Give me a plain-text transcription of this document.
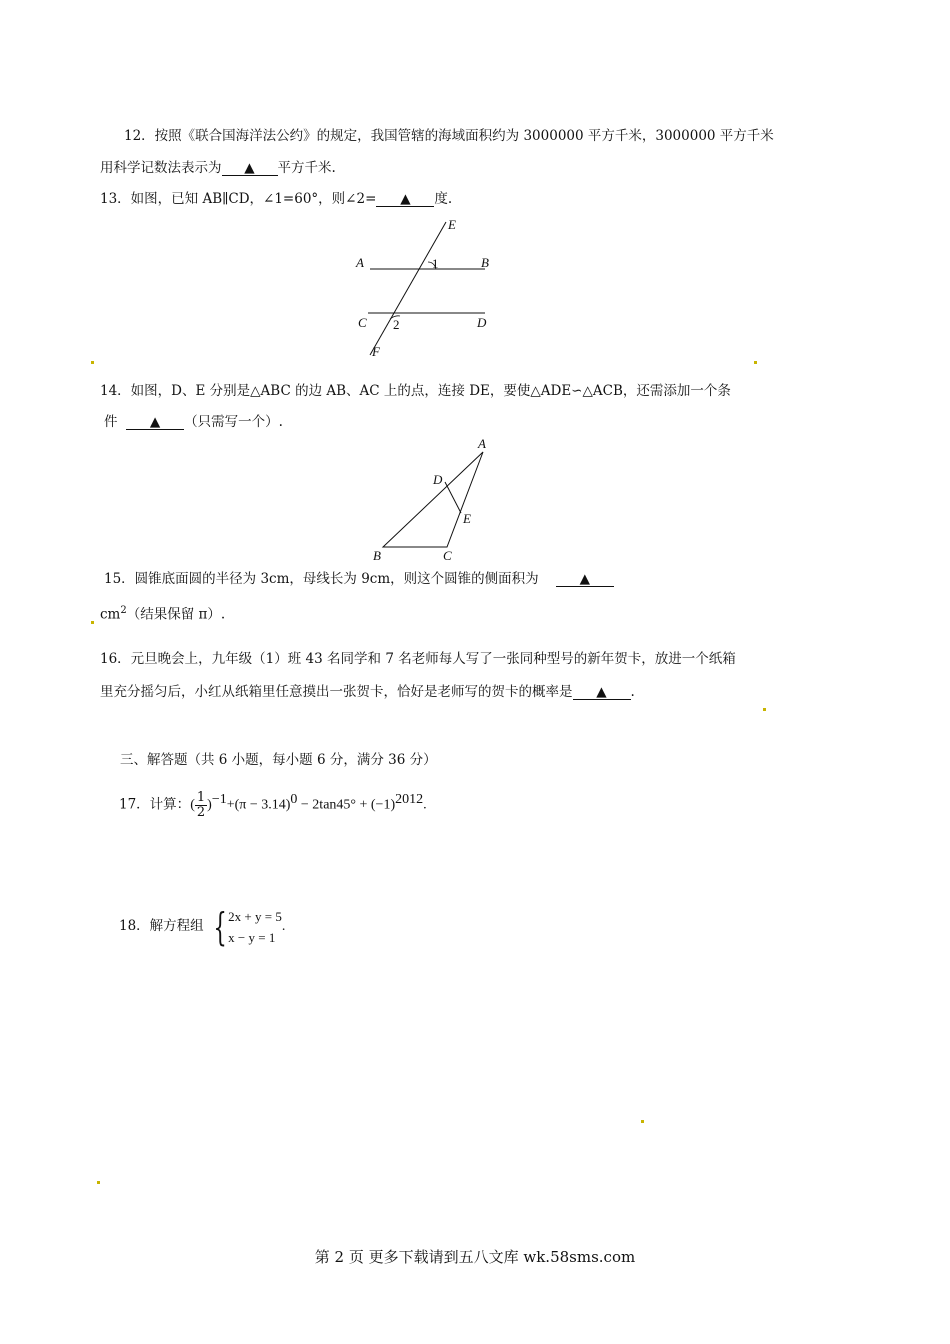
12．按照《联合国海洋法公约》的规定，我国管辖的海域面积约为 3000000 平方千米，3000000 平方千米
用科学记数法表示为 ▲ 平方千米.
13．如图，已知 AB∥CD，∠1=60°，则∠2= ▲ 度.
E
A	1	B
C 2	D
F
14．如图，D、E 分别是△ABC 的边 AB、AC 上的点，连接 DE，要使△ADE∽△ACB，还需添加一个条
件 ▲ （只需写一个）.
A
D
E
B	C
15．圆锥底面圆的半径为 3cm，母线长为 9cm，则这个圆锥的侧面积为	▲
$cm^2$（结果保留 π）.
16．元旦晚会上，九年级（1）班 43 名同学和 7 名老师每人写了一张同种型号的新年贺卡，放进一个纸箱
里充分摇匀后，小红从纸箱里任意摸出一张贺卡，恰好是老师写的贺卡的概率是 ▲ .
三、解答题（共 6 小题，每小题 6 分，满分 36 分）
17．计算：( $\frac{1}{2} )^{-1}+(\pi - 3.14)^0 - 2\tan 45^\circ + (-1)^{2012}$.
18．解方程组 { 2x + y = 5
x − y = 1
.
第 2 页 更多下载请到五八文库 wk.58sms.com
